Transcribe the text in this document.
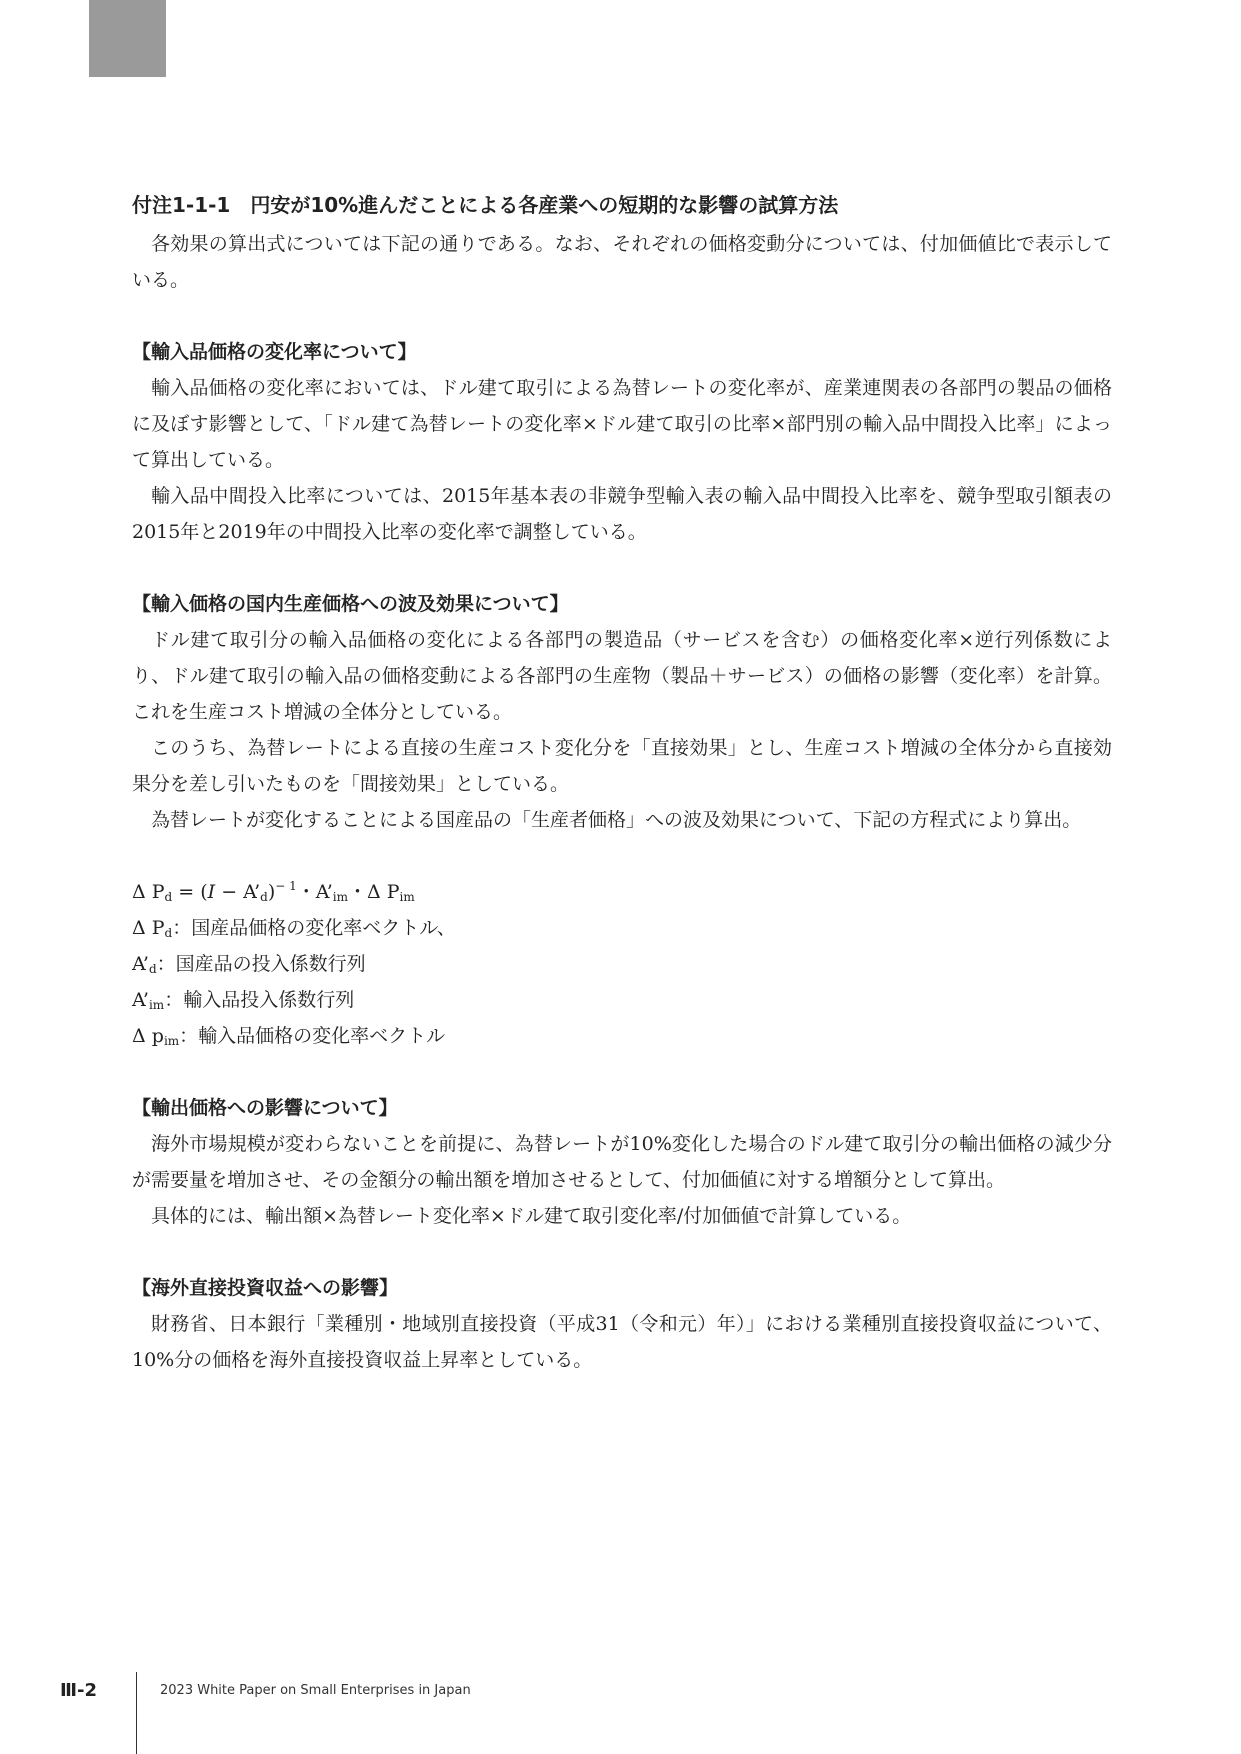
付注1-1-1　円安が10%進んだことによる各産業への短期的な影響の試算方法

各効果の算出式については下記の通りである。なお、それぞれの価格変動分については、付加価値比で表示している。

【輸入品価格の変化率について】

輸入品価格の変化率においては、ドル建て取引による為替レートの変化率が、産業連関表の各部門の製品の価格に及ぼす影響として、「ドル建て為替レートの変化率×ドル建て取引の比率×部門別の輸入品中間投入比率」によって算出している。

輸入品中間投入比率については、2015年基本表の非競争型輸入表の輸入品中間投入比率を、競争型取引額表の2015年と2019年の中間投入比率の変化率で調整している。

【輸入価格の国内生産価格への波及効果について】

ドル建て取引分の輸入品価格の変化による各部門の製造品（サービスを含む）の価格変化率×逆行列係数により、ドル建て取引の輸入品の価格変動による各部門の生産物（製品＋サービス）の価格の影響（変化率）を計算。これを生産コスト増減の全体分としている。

このうち、為替レートによる直接の生産コスト変化分を「直接効果」とし、生産コスト増減の全体分から直接効果分を差し引いたものを「間接効果」としている。

為替レートが変化することによる国産品の「生産者価格」への波及効果について、下記の方程式により算出。

Δ $P_d = (I$ − $A’_d)^{- 1}$・$A’_{im}$・Δ $P_{im}$
Δ $P_d$：国産品価格の変化率ベクトル、
$A’_d$：国産品の投入係数行列
$A’_{im}$：輸入品投入係数行列
Δ $p_{im}$：輸入品価格の変化率ベクトル
【輸出価格への影響について】

海外市場規模が変わらないことを前提に、為替レートが10%変化した場合のドル建て取引分の輸出価格の減少分が需要量を増加させ、その金額分の輸出額を増加させるとして、付加価値に対する増額分として算出。

具体的には、輸出額×為替レート変化率×ドル建て取引変化率/付加価値で計算している。

【海外直接投資収益への影響】

財務省、日本銀行「業種別・地域別直接投資（平成31（令和元）年）」における業種別直接投資収益について、10%分の価格を海外直接投資収益上昇率としている。

Ⅲ-2	2023 White Paper on Small Enterprises in Japan
